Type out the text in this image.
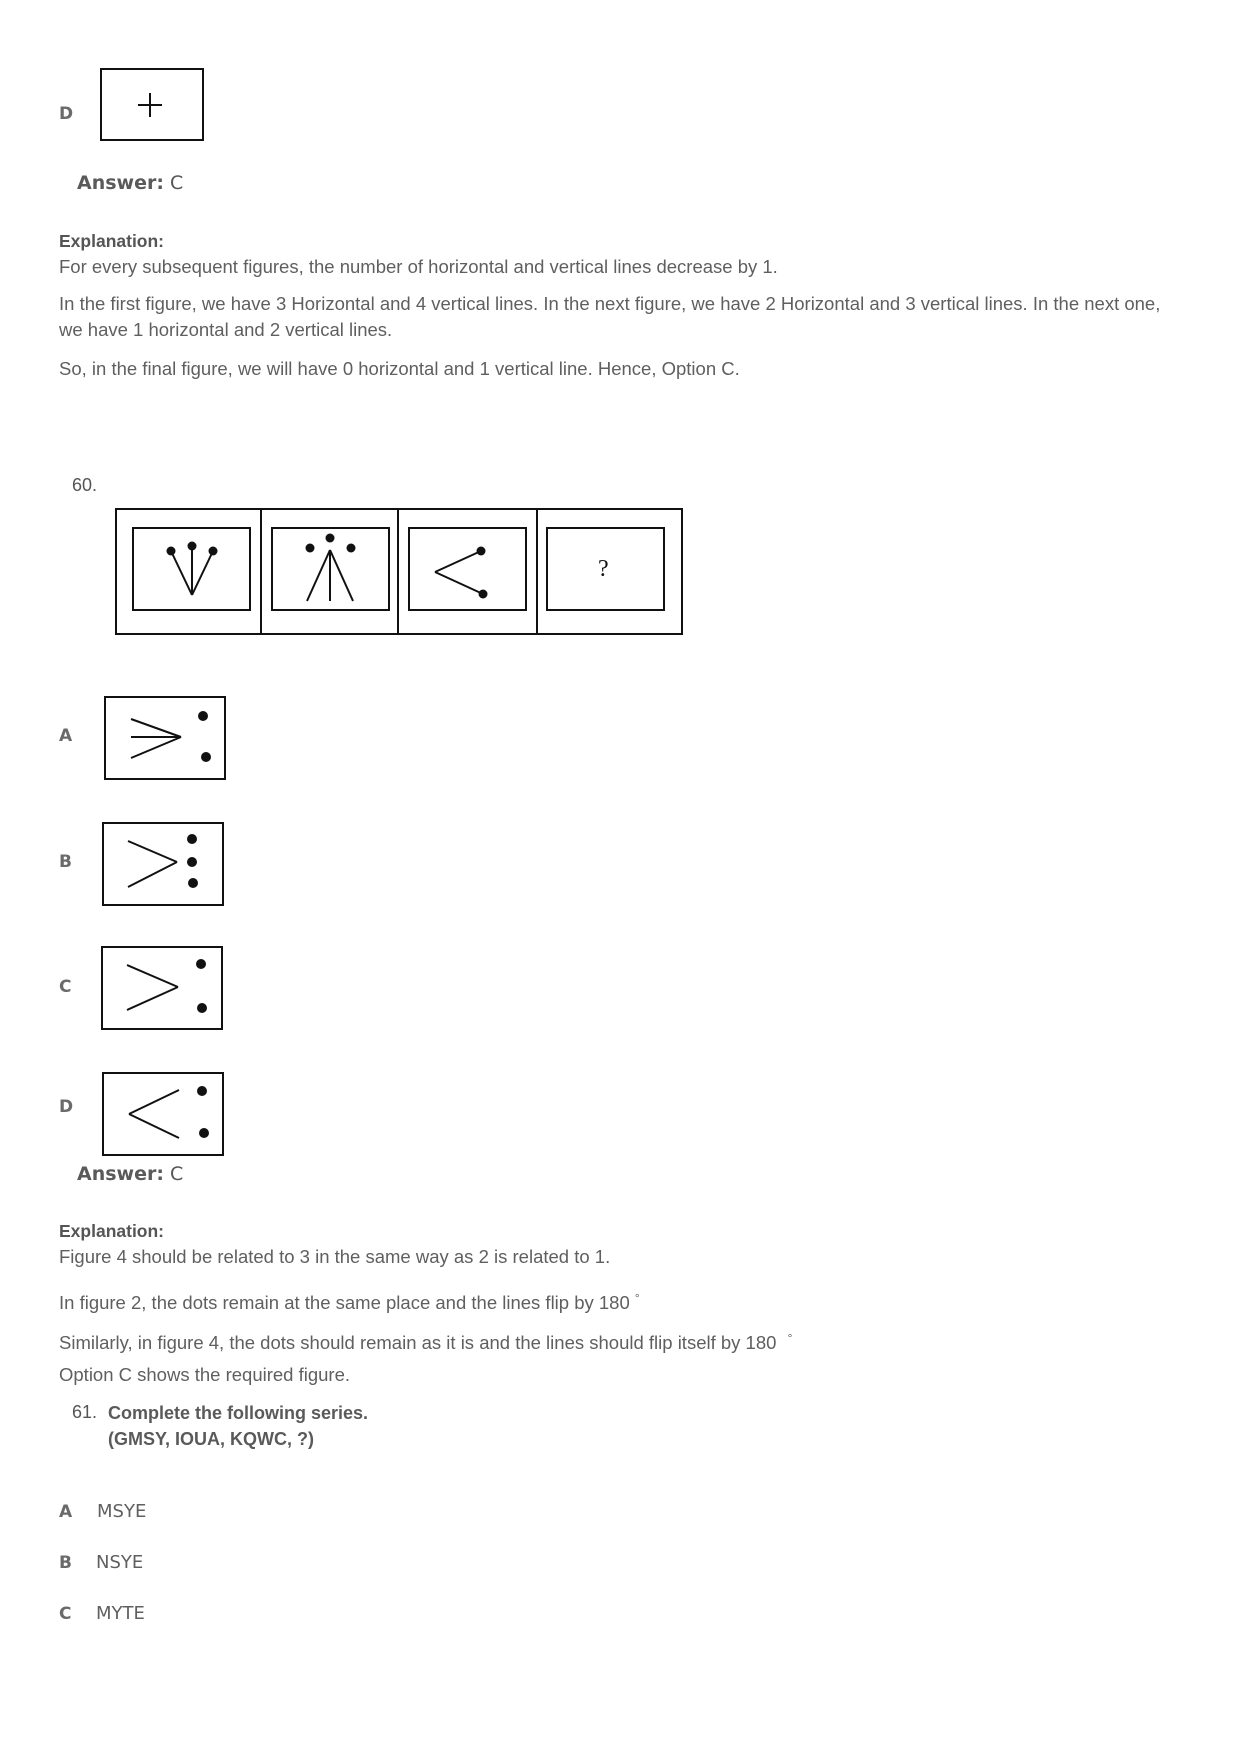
D
Answer: C
Explanation:
For every subsequent figures, the number of horizontal and vertical lines decrease by 1.
In the first figure, we have 3 Horizontal and 4 vertical lines. In the next figure, we have 2 Horizontal and 3 vertical lines. In the next one, we have 1 horizontal and 2 vertical lines.
So, in the final figure, we will have 0 horizontal and 1 vertical line. Hence, Option C.
60.
?
A
B
C
D
Answer: C
Explanation:
Figure 4 should be related to 3 in the same way as 2 is related to 1.
In figure 2, the dots remain at the same place and the lines flip by 180 °
Similarly, in figure 4, the dots should remain as it is and the lines should flip itself by 180 °
Option C shows the required figure.
61. Complete the following series.
(GMSY, IOUA, KQWC, ?)
A MSYE
B NSYE
C MYTE
